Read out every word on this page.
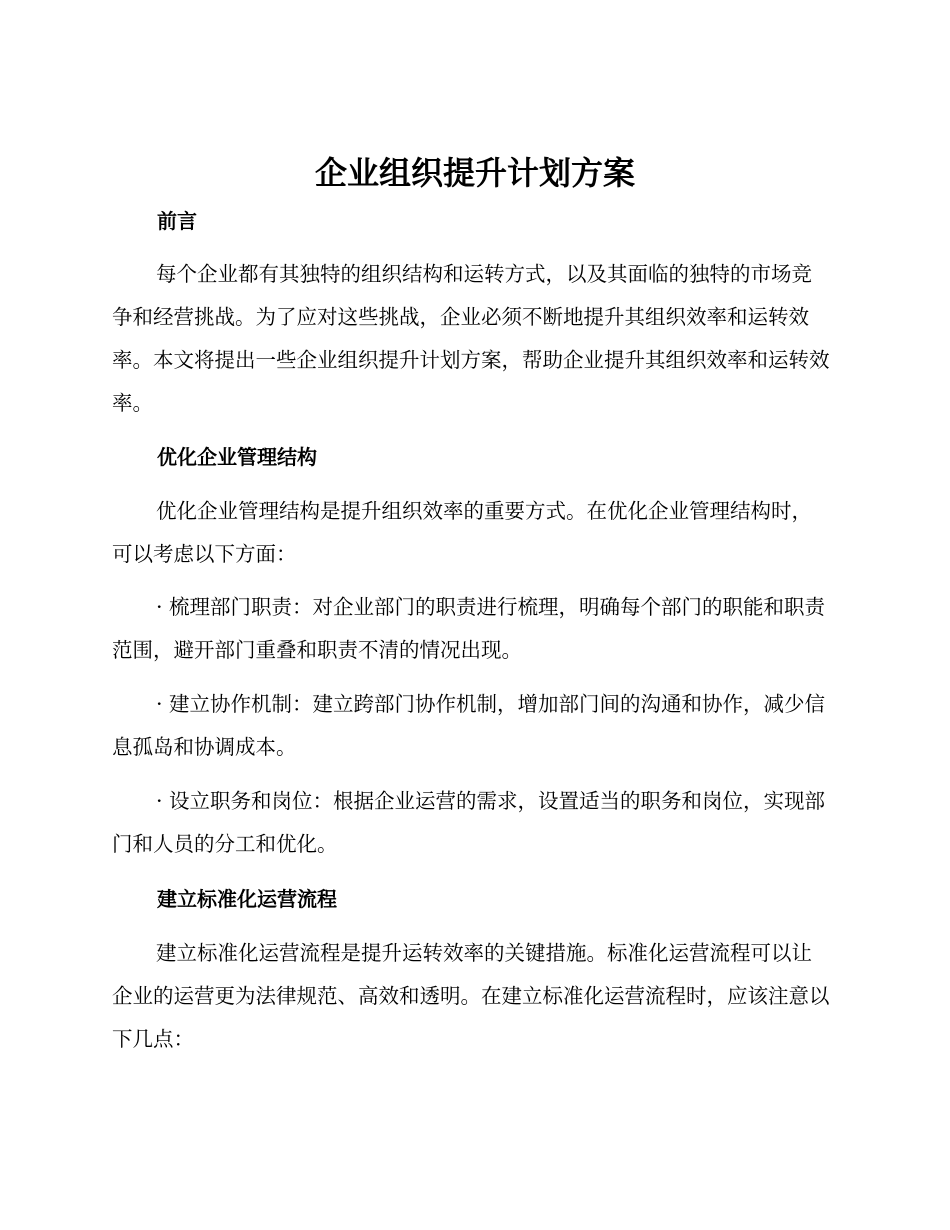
企业组织提升计划方案
前言

每个企业都有其独特的组织结构和运转方式，以及其面临的独特的市场竞争和经营挑战。为了应对这些挑战，企业必须不断地提升其组织效率和运转效率。本文将提出一些企业组织提升计划方案，帮助企业提升其组织效率和运转效率。

优化企业管理结构

优化企业管理结构是提升组织效率的重要方式。在优化企业管理结构时，可以考虑以下方面：

· 梳理部门职责：对企业部门的职责进行梳理，明确每个部门的职能和职责范围，避开部门重叠和职责不清的情况出现。

· 建立协作机制：建立跨部门协作机制，增加部门间的沟通和协作，减少信息孤岛和协调成本。

· 设立职务和岗位：根据企业运营的需求，设置适当的职务和岗位，实现部门和人员的分工和优化。

建立标准化运营流程

建立标准化运营流程是提升运转效率的关键措施。标准化运营流程可以让企业的运营更为法律规范、高效和透明。在建立标准化运营流程时，应该注意以下几点：
